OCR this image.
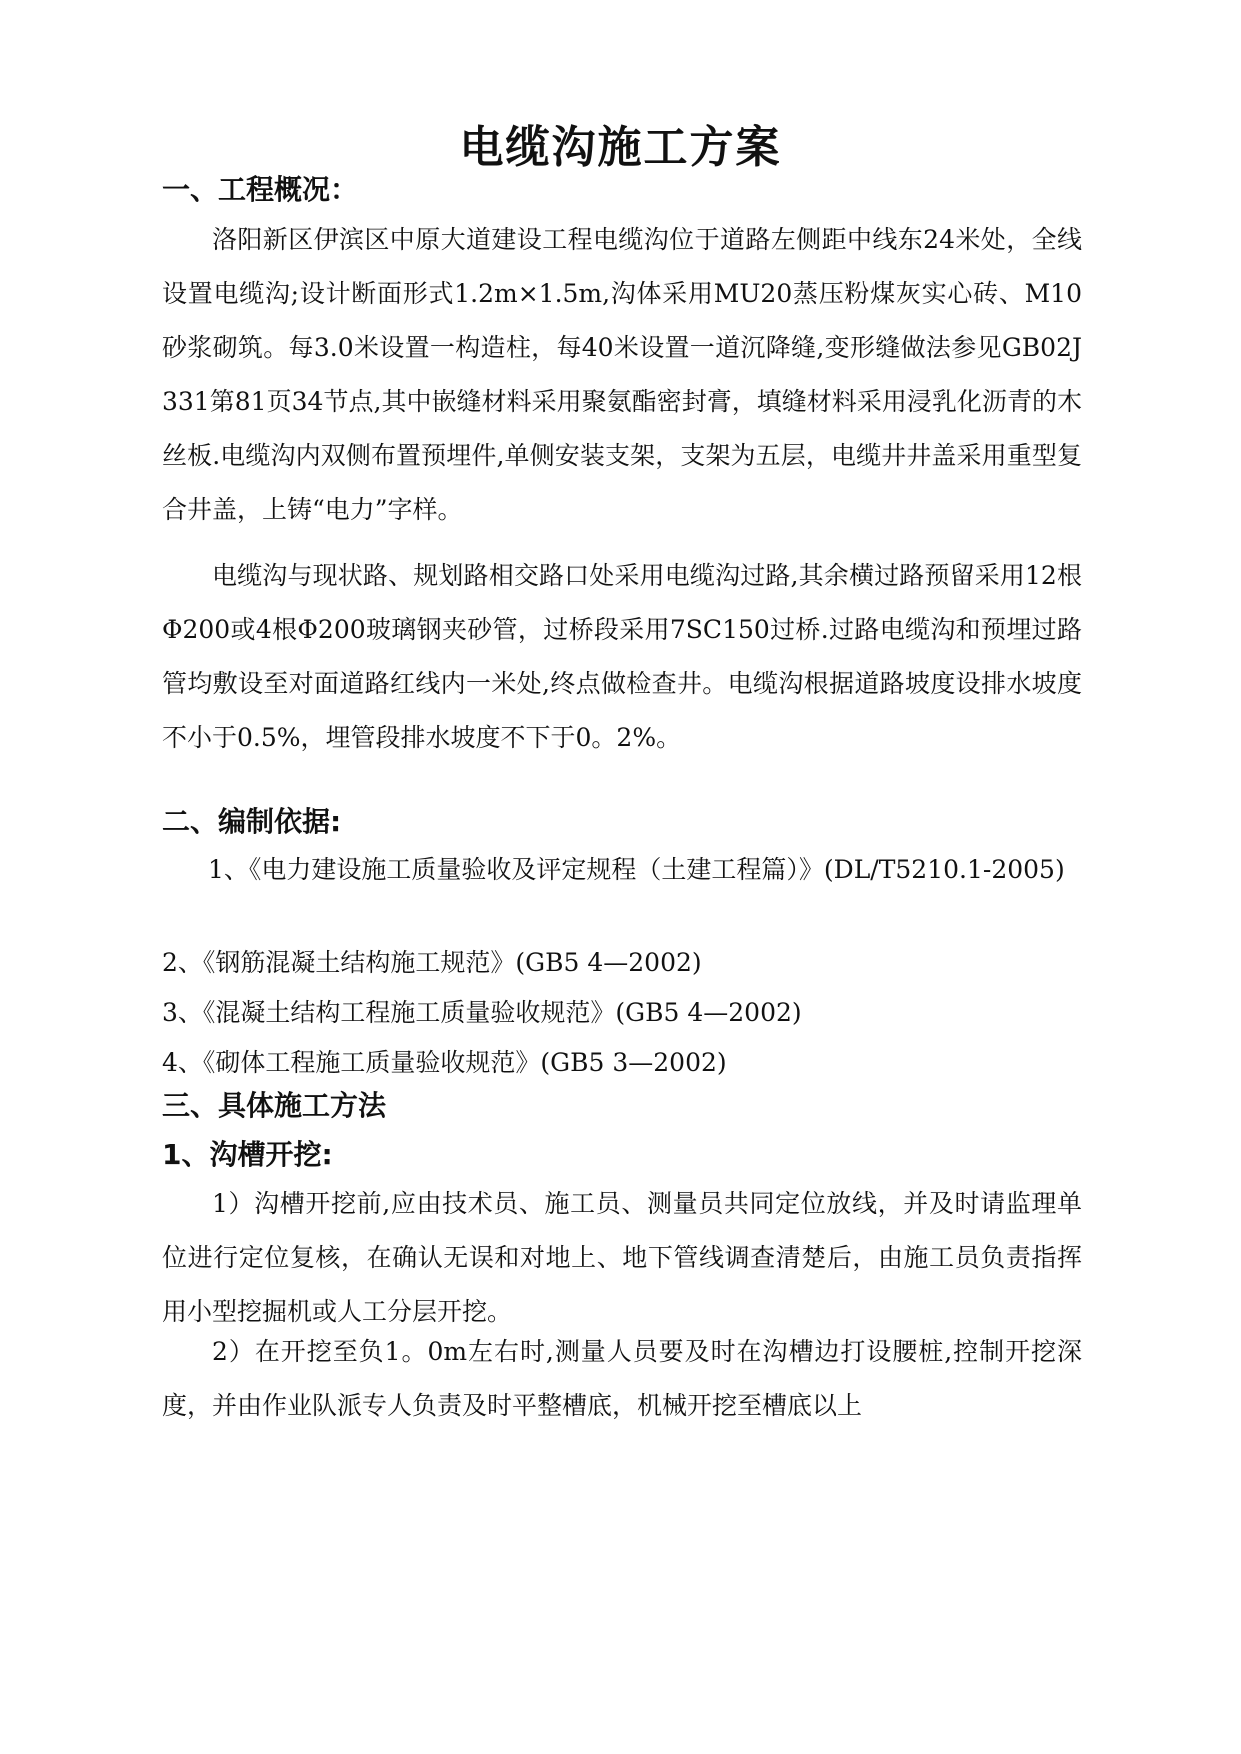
电缆沟施工方案
一、工程概况：
洛阳新区伊滨区中原大道建设工程电缆沟位于道路左侧距中线东24米处，全线设置电缆沟;设计断面形式1.2m×1.5m,沟体采用MU20蒸压粉煤灰实心砖、M10砂浆砌筑。每3.0米设置一构造柱，每40米设置一道沉降缝,变形缝做法参见GB02J331第81页34节点,其中嵌缝材料采用聚氨酯密封膏，填缝材料采用浸乳化沥青的木丝板.电缆沟内双侧布置预埋件,单侧安装支架，支架为五层，电缆井井盖采用重型复合井盖，上铸“电力”字样。
电缆沟与现状路、规划路相交路口处采用电缆沟过路,其余横过路预留采用12根Φ200或4根Φ200玻璃钢夹砂管，过桥段采用7SC150过桥.过路电缆沟和预埋过路管均敷设至对面道路红线内一米处,终点做检查井。电缆沟根据道路坡度设排水坡度不小于0.5%，埋管段排水坡度不下于0。2%。
二、编制依据:
1、《电力建设施工质量验收及评定规程（土建工程篇）》(DL/T5210.1-2005)
2、《钢筋混凝土结构施工规范》(GB5 4—2002)
3、《混凝土结构工程施工质量验收规范》(GB5 4—2002)
4、《砌体工程施工质量验收规范》(GB5 3—2002)
三、具体施工方法
1、沟槽开挖:
1）沟槽开挖前,应由技术员、施工员、测量员共同定位放线，并及时请监理单位进行定位复核，在确认无误和对地上、地下管线调查清楚后，由施工员负责指挥用小型挖掘机或人工分层开挖。
2）在开挖至负1。0m左右时,测量人员要及时在沟槽边打设腰桩,控制开挖深度，并由作业队派专人负责及时平整槽底，机械开挖至槽底以上
